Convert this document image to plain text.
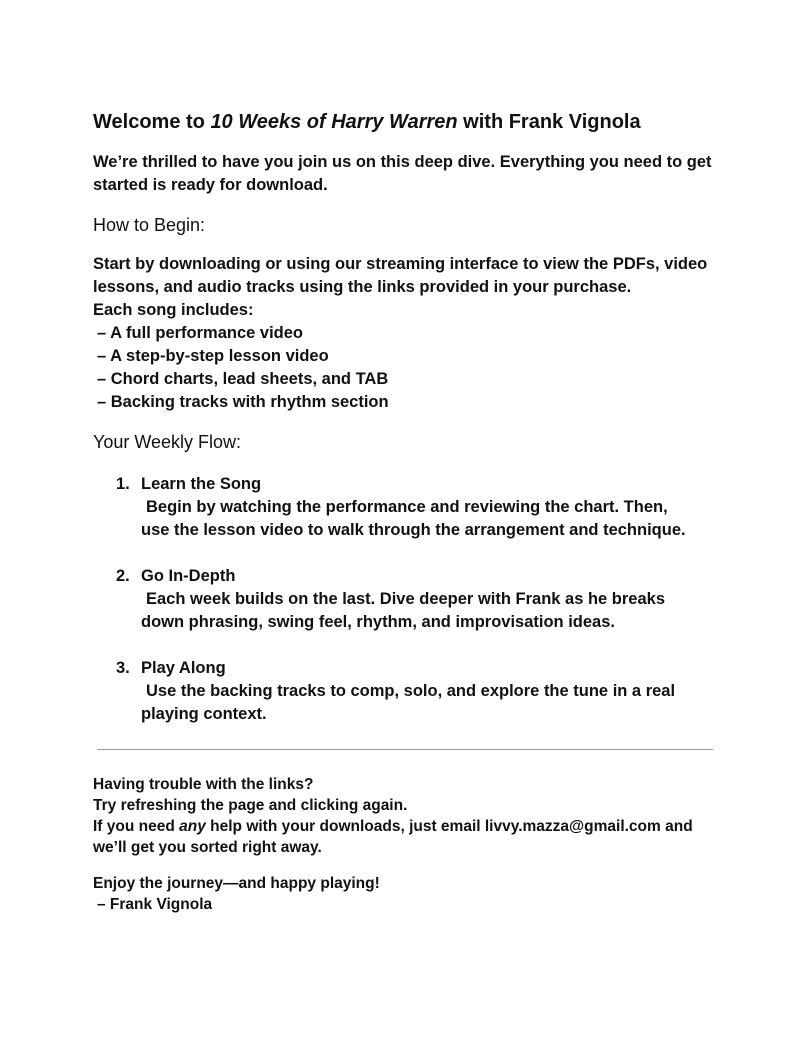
Welcome to 10 Weeks of Harry Warren with Frank Vignola

We’re thrilled to have you join us on this deep dive. Everything you need to get started is ready for download.

How to Begin:
Start by downloading or using our streaming interface to view the PDFs, video lessons, and audio tracks using the links provided in your purchase.
Each song includes:
– A full performance video
– A step-by-step lesson video
– Chord charts, lead sheets, and TAB
– Backing tracks with rhythm section
Your Weekly Flow:
1. Learn the Song
Begin by watching the performance and reviewing the chart. Then,
use the lesson video to walk through the arrangement and technique.
2. Go In-Depth
Each week builds on the last. Dive deeper with Frank as he breaks
down phrasing, swing feel, rhythm, and improvisation ideas.
3. Play Along
Use the backing tracks to comp, solo, and explore the tune in a real
playing context.
Having trouble with the links?
Try refreshing the page and clicking again.
If you need any help with your downloads, just email livvy.mazza@gmail.com and we’ll get you sorted right away.
Enjoy the journey—and happy playing!
– Frank Vignola
